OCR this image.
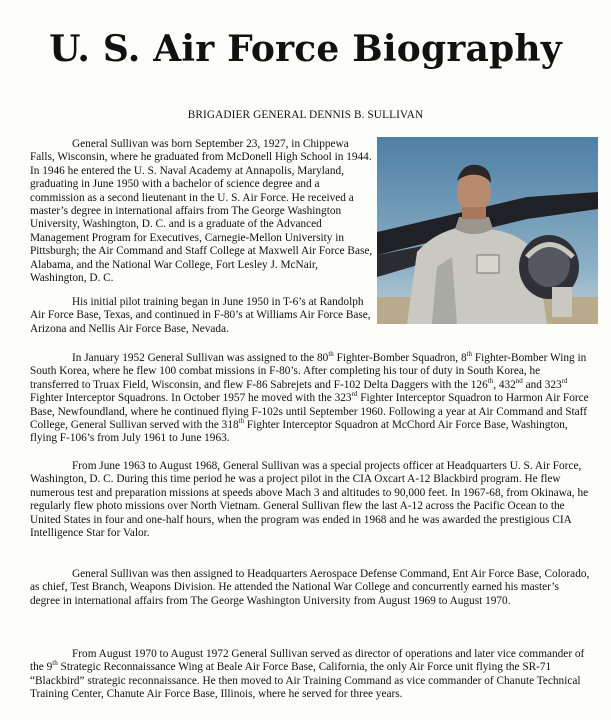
U. S. Air Force Biography
BRIGADIER GENERAL DENNIS B. SULLIVAN

General Sullivan was born September 23, 1927, in Chippewa Falls, Wisconsin, where he graduated from McDonell High School in 1944. In 1946 he entered the U. S. Naval Academy at Annapolis, Maryland, graduating in June 1950 with a bachelor of science degree and a commission as a second lieutenant in the U. S. Air Force. He received a master’s degree in international affairs from The George Washington University, Washington, D. C. and is a graduate of the Advanced Management Program for Executives, Carnegie-Mellon University in Pittsburgh; the Air Command and Staff College at Maxwell Air Force Base, Alabama, and the National War College, Fort Lesley J. McNair, Washington, D. C.

His initial pilot training began in June 1950 in T-6’s at Randolph Air Force Base, Texas, and continued in F-80’s at Williams Air Force Base, Arizona and Nellis Air Force Base, Nevada.

In January 1952 General Sullivan was assigned to the 80th Fighter-Bomber Squadron, 8th Fighter-Bomber Wing in South Korea, where he flew 100 combat missions in F-80’s. After completing his tour of duty in South Korea, he transferred to Truax Field, Wisconsin, and flew F-86 Sabrejets and F-102 Delta Daggers with the 126th, 432nd and 323rd Fighter Interceptor Squadrons. In October 1957 he moved with the 323rd Fighter Interceptor Squadron to Harmon Air Force Base, Newfoundland, where he continued flying F-102s until September 1960. Following a year at Air Command and Staff College, General Sullivan served with the 318th Fighter Interceptor Squadron at McChord Air Force Base, Washington, flying F-106’s from July 1961 to June 1963.

From June 1963 to August 1968, General Sullivan was a special projects officer at Headquarters U. S. Air Force, Washington, D. C. During this time period he was a project pilot in the CIA Oxcart A-12 Blackbird program. He flew numerous test and preparation missions at speeds above Mach 3 and altitudes to 90,000 feet. In 1967-68, from Okinawa, he regularly flew photo missions over North Vietnam. General Sullivan flew the last A-12 across the Pacific Ocean to the United States in four and one-half hours, when the program was ended in 1968 and he was awarded the prestigious CIA Intelligence Star for Valor.

General Sullivan was then assigned to Headquarters Aerospace Defense Command, Ent Air Force Base, Colorado, as chief, Test Branch, Weapons Division. He attended the National War College and concurrently earned his master’s degree in international affairs from The George Washington University from August 1969 to August 1970.

From August 1970 to August 1972 General Sullivan served as director of operations and later vice commander of the 9th Strategic Reconnaissance Wing at Beale Air Force Base, California, the only Air Force unit flying the SR-71 “Blackbird” strategic reconnaissance. He then moved to Air Training Command as vice commander of Chanute Technical Training Center, Chanute Air Force Base, Illinois, where he served for three years.
